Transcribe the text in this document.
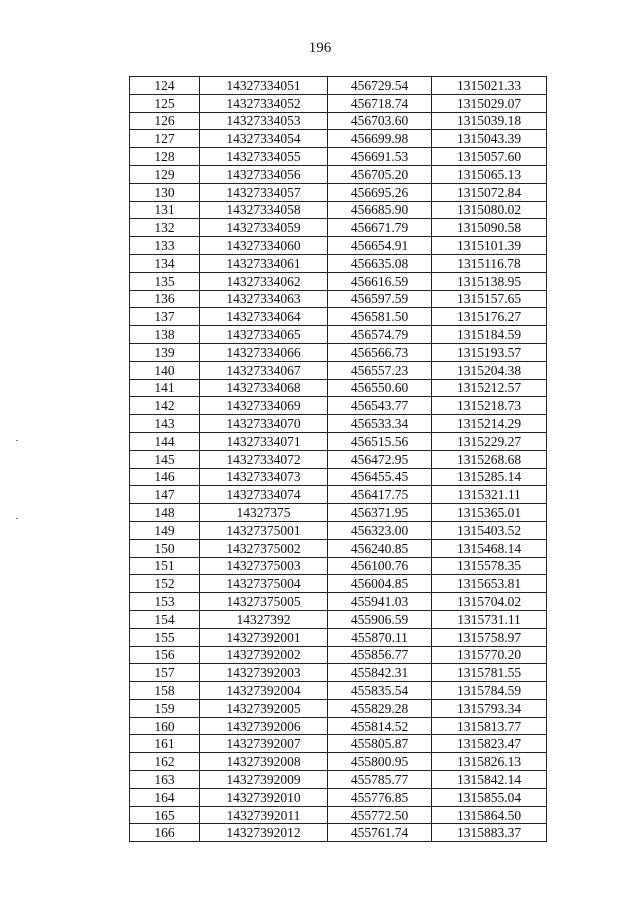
196
124	14327334051	456729.54	1315021.33
125	14327334052	456718.74	1315029.07
126	14327334053	456703.60	1315039.18
127	14327334054	456699.98	1315043.39
128	14327334055	456691.53	1315057.60
129	14327334056	456705.20	1315065.13
130	14327334057	456695.26	1315072.84
131	14327334058	456685.90	1315080.02
132	14327334059	456671.79	1315090.58
133	14327334060	456654.91	1315101.39
134	14327334061	456635.08	1315116.78
135	14327334062	456616.59	1315138.95
136	14327334063	456597.59	1315157.65
137	14327334064	456581.50	1315176.27
138	14327334065	456574.79	1315184.59
139	14327334066	456566.73	1315193.57
140	14327334067	456557.23	1315204.38
141	14327334068	456550.60	1315212.57
142	14327334069	456543.77	1315218.73
143	14327334070	456533.34	1315214.29
144	14327334071	456515.56	1315229.27
145	14327334072	456472.95	1315268.68
146	14327334073	456455.45	1315285.14
147	14327334074	456417.75	1315321.11
148	14327375	456371.95	1315365.01
149	14327375001	456323.00	1315403.52
150	14327375002	456240.85	1315468.14
151	14327375003	456100.76	1315578.35
152	14327375004	456004.85	1315653.81
153	14327375005	455941.03	1315704.02
154	14327392	455906.59	1315731.11
155	14327392001	455870.11	1315758.97
156	14327392002	455856.77	1315770.20
157	14327392003	455842.31	1315781.55
158	14327392004	455835.54	1315784.59
159	14327392005	455829.28	1315793.34
160	14327392006	455814.52	1315813.77
161	14327392007	455805.87	1315823.47
162	14327392008	455800.95	1315826.13
163	14327392009	455785.77	1315842.14
164	14327392010	455776.85	1315855.04
165	14327392011	455772.50	1315864.50
166	14327392012	455761.74	1315883.37
